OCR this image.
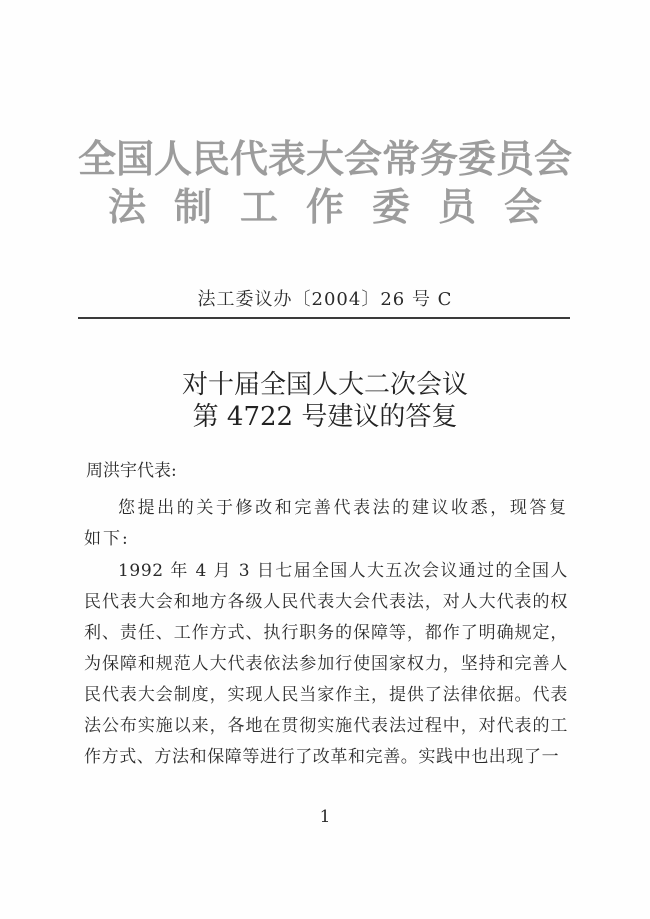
全国人民代表大会常务委员会
法制工作委员会
法工委议办〔2004〕26 号 C
对十届全国人大二次会议
第 4722 号建议的答复
周洪宇代表:
您提出的关于修改和完善代表法的建议收悉，现答复如下:
1992 年 4 月 3 日七届全国人大五次会议通过的全国人民代表大会和地方各级人民代表大会代表法，对人大代表的权利、责任、工作方式、执行职务的保障等，都作了明确规定，为保障和规范人大代表依法参加行使国家权力，坚持和完善人民代表大会制度，实现人民当家作主，提供了法律依据。代表法公布实施以来，各地在贯彻实施代表法过程中，对代表的工作方式、方法和保障等进行了改革和完善。实践中也出现了一
1
